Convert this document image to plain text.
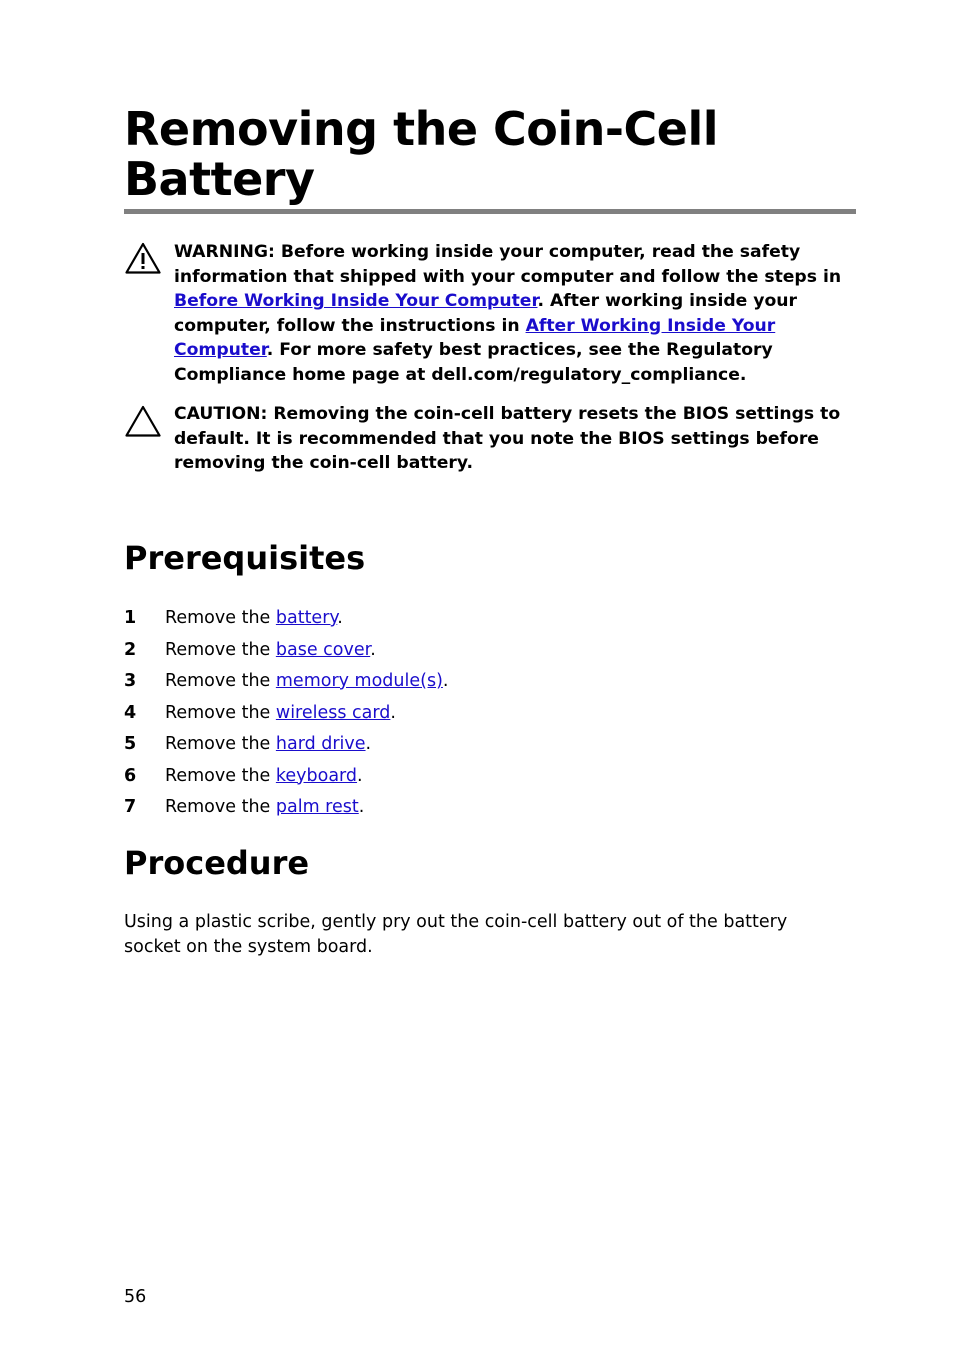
Removing the Coin-Cell Battery

WARNING: Before working inside your computer, read the safety information that shipped with your computer and follow the steps in Before Working Inside Your Computer. After working inside your computer, follow the instructions in After Working Inside Your Computer. For more safety best practices, see the Regulatory Compliance home page at dell.com/regulatory_compliance.

CAUTION: Removing the coin-cell battery resets the BIOS settings to default. It is recommended that you note the BIOS settings before removing the coin-cell battery.

Prerequisites
1 Remove the battery.
2 Remove the base cover.
3 Remove the memory module(s).
4 Remove the wireless card.
5 Remove the hard drive.
6 Remove the keyboard.
7 Remove the palm rest.
Procedure

Using a plastic scribe, gently pry out the coin-cell battery out of the battery socket on the system board.

56
